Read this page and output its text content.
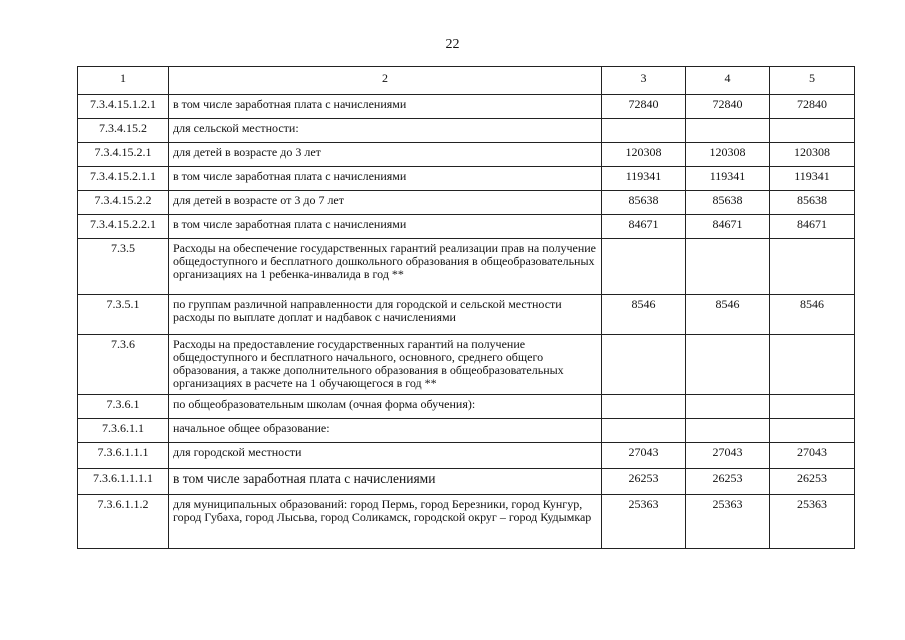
22
1	2	3	4	5
7.3.4.15.1.2.1	в том числе заработная плата с начислениями	72840	72840	72840
7.3.4.15.2	для сельской местности:			
7.3.4.15.2.1	для детей в возрасте до 3 лет	120308	120308	120308
7.3.4.15.2.1.1	в том числе заработная плата с начислениями	119341	119341	119341
7.3.4.15.2.2	для детей в возрасте от 3 до 7 лет	85638	85638	85638
7.3.4.15.2.2.1	в том числе заработная плата с начислениями	84671	84671	84671
7.3.5	Расходы на обеспечение государственных гарантий реализации прав на получение общедоступного и бесплатного дошкольного образования в общеобразовательных организациях на 1 ребенка-инвалида в год **			
7.3.5.1	по группам различной направленности для городской и сельской местности расходы по выплате доплат и надбавок с начислениями	8546	8546	8546
7.3.6	Расходы на предоставление государственных гарантий на получение общедоступного и бесплатного начального, основного, среднего общего образования, а также дополнительного образования в общеобразовательных организациях в расчете на 1 обучающегося в год **			
7.3.6.1	по общеобразовательным школам (очная форма обучения):			
7.3.6.1.1	начальное общее образование:			
7.3.6.1.1.1	для городской местности	27043	27043	27043
7.3.6.1.1.1.1	в том числе заработная плата с начислениями	26253	26253	26253
7.3.6.1.1.2	для муниципальных образований: город Пермь, город Березники, город Кунгур, город Губаха, город Лысьва, город Соликамск, городской округ – город Кудымкар	25363	25363	25363
